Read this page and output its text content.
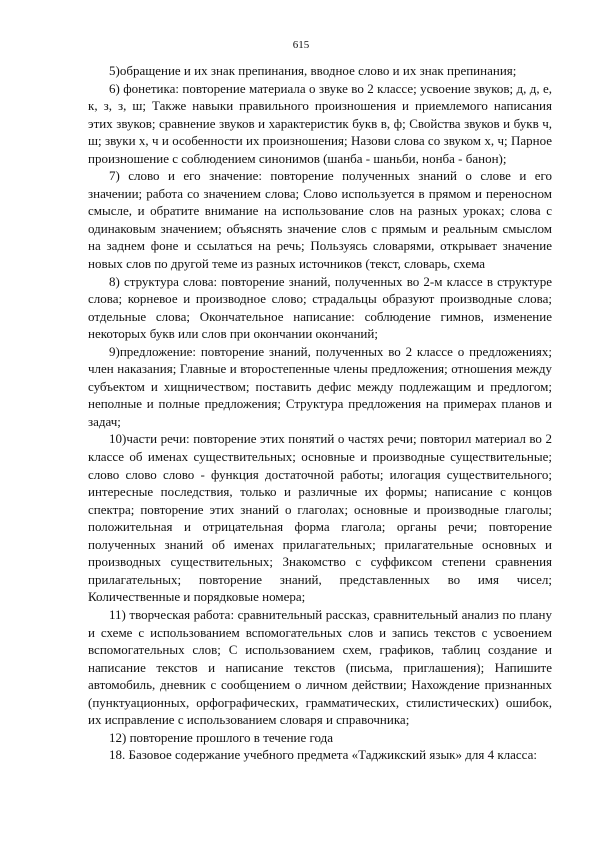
615

5)обращение и их знак препинания, вводное слово и их знак препинания;

6) фонетика: повторение материала о звуке во 2 классе; усвоение звуков; д, д, е, к, з, з, ш; Также навыки правильного произношения и приемлемого написания этих звуков; сравнение звуков и характеристик букв в, ф; Свойства звуков и букв ч, ш; звуки х, ч и особенности их произношения; Назови слова со звуком х, ч; Парное произношение с соблюдением синонимов (шанба - шаньби, нонба - банон);

7) слово и его значение: повторение полученных знаний о слове и его значении; работа со значением слова; Слово используется в прямом и переносном смысле, и обратите внимание на использование слов на разных уроках; слова с одинаковым значением; объяснять значение слов с прямым и реальным смыслом на заднем фоне и ссылаться на речь; Пользуясь словарями, открывает значение новых слов по другой теме из разных источников (текст, словарь, схема

8) структура слова: повторение знаний, полученных во 2-м классе в структуре слова; корневое и производное слово; страдальцы образуют производные слова; отдельные слова; Окончательное написание: соблюдение гимнов, изменение некоторых букв или слов при окончании окончаний;

9)предложение: повторение знаний, полученных во 2 классе о предложениях; член наказания; Главные и второстепенные члены предложения; отношения между субъектом и хищничеством; поставить дефис между подлежащим и предлогом; неполные и полные предложения; Структура предложения на примерах планов и задач;

10)части речи: повторение этих понятий о частях речи; повторил материал во 2 классе об именах существительных; основные и производные существительные; слово слово слово - функция достаточной работы; илогация существительного; интересные последствия, только и различные их формы; написание с концов спектра; повторение этих знаний о глаголах; основные и производные глаголы; положительная и отрицательная форма глагола; органы речи; повторение полученных знаний об именах прилагательных; прилагательные основных и производных существительных; Знакомство с суффиксом степени сравнения прилагательных; повторение знаний, представленных во имя чисел; Количественные и порядковые номера;

11) творческая работа: сравнительный рассказ, сравнительный анализ по плану и схеме с использованием вспомогательных слов и запись текстов с усвоением вспомогательных слов; С использованием схем, графиков, таблиц создание и написание текстов и написание текстов (письма, приглашения); Напишите автомобиль, дневник с сообщением о личном действии; Нахождение признанных (пунктуационных, орфографических, грамматических, стилистических) ошибок, их исправление с использованием словаря и справочника;

12) повторение прошлого в течение года

18. Базовое содержание учебного предмета «Таджикский язык» для 4 класса:
